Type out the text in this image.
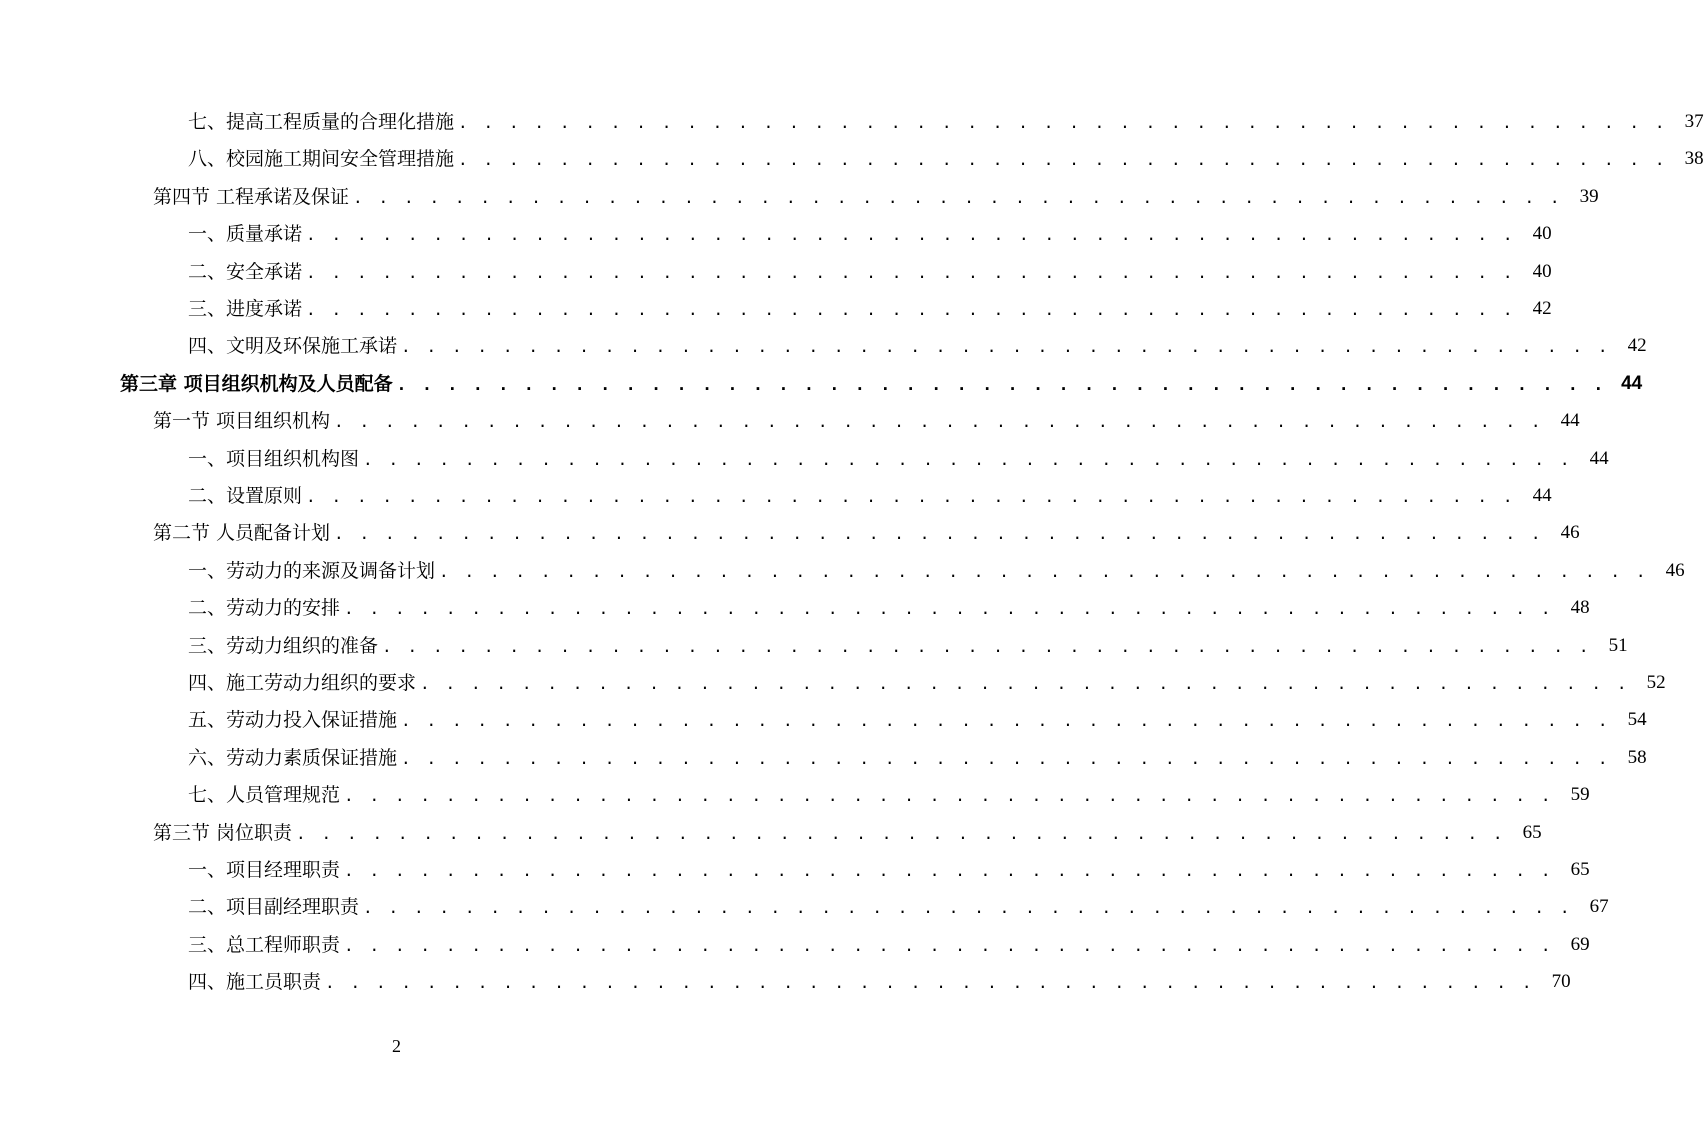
七、提高工程质量的合理化措施 . . . . . . . . . . . . . . . . . . . . . . . . . . . . . . . . . . . . . . . . . . . . . . . . 37
八、校园施工期间安全管理措施 . . . . . . . . . . . . . . . . . . . . . . . . . . . . . . . . . . . . . . . . . . . . . . . . 38
第四节 工程承诺及保证 . . . . . . . . . . . . . . . . . . . . . . . . . . . . . . . . . . . . . . . . . . . . . . . . 39
一、质量承诺 . . . . . . . . . . . . . . . . . . . . . . . . . . . . . . . . . . . . . . . . . . . . . . . . 40
二、安全承诺 . . . . . . . . . . . . . . . . . . . . . . . . . . . . . . . . . . . . . . . . . . . . . . . . 40
三、进度承诺 . . . . . . . . . . . . . . . . . . . . . . . . . . . . . . . . . . . . . . . . . . . . . . . . 42
四、文明及环保施工承诺 . . . . . . . . . . . . . . . . . . . . . . . . . . . . . . . . . . . . . . . . . . . . . . . . 42
第三章 项目组织机构及人员配备 . . . . . . . . . . . . . . . . . . . . . . . . . . . . . . . . . . . . . . . . . . . . . . . . 44
第一节 项目组织机构 . . . . . . . . . . . . . . . . . . . . . . . . . . . . . . . . . . . . . . . . . . . . . . . . 44
一、项目组织机构图 . . . . . . . . . . . . . . . . . . . . . . . . . . . . . . . . . . . . . . . . . . . . . . . . 44
二、设置原则 . . . . . . . . . . . . . . . . . . . . . . . . . . . . . . . . . . . . . . . . . . . . . . . . 44
第二节 人员配备计划 . . . . . . . . . . . . . . . . . . . . . . . . . . . . . . . . . . . . . . . . . . . . . . . . 46
一、劳动力的来源及调备计划 . . . . . . . . . . . . . . . . . . . . . . . . . . . . . . . . . . . . . . . . . . . . . . . . 46
二、劳动力的安排 . . . . . . . . . . . . . . . . . . . . . . . . . . . . . . . . . . . . . . . . . . . . . . . . 48
三、劳动力组织的准备 . . . . . . . . . . . . . . . . . . . . . . . . . . . . . . . . . . . . . . . . . . . . . . . . 51
四、施工劳动力组织的要求 . . . . . . . . . . . . . . . . . . . . . . . . . . . . . . . . . . . . . . . . . . . . . . . . 52
五、劳动力投入保证措施 . . . . . . . . . . . . . . . . . . . . . . . . . . . . . . . . . . . . . . . . . . . . . . . . 54
六、劳动力素质保证措施 . . . . . . . . . . . . . . . . . . . . . . . . . . . . . . . . . . . . . . . . . . . . . . . . 58
七、人员管理规范 . . . . . . . . . . . . . . . . . . . . . . . . . . . . . . . . . . . . . . . . . . . . . . . . 59
第三节 岗位职责 . . . . . . . . . . . . . . . . . . . . . . . . . . . . . . . . . . . . . . . . . . . . . . . . 65
一、项目经理职责 . . . . . . . . . . . . . . . . . . . . . . . . . . . . . . . . . . . . . . . . . . . . . . . . 65
二、项目副经理职责 . . . . . . . . . . . . . . . . . . . . . . . . . . . . . . . . . . . . . . . . . . . . . . . . 67
三、总工程师职责 . . . . . . . . . . . . . . . . . . . . . . . . . . . . . . . . . . . . . . . . . . . . . . . . 69
四、施工员职责 . . . . . . . . . . . . . . . . . . . . . . . . . . . . . . . . . . . . . . . . . . . . . . . . 70
2
